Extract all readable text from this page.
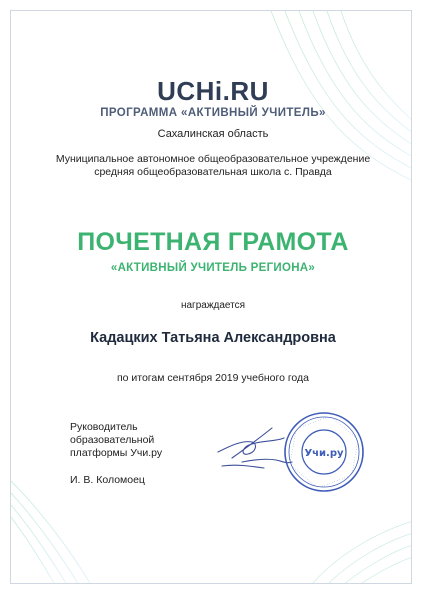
UCHi.RU
ПРОГРАММА «АКТИВНЫЙ УЧИТЕЛЬ»
Сахалинская область
Муниципальное автономное общеобразовательное учреждение
средняя общеобразовательная школа с. Правда
ПОЧЕТНАЯ ГРАМОТА
«АКТИВНЫЙ УЧИТЕЛЬ РЕГИОНА»
награждается
Кадацких Татьяна Александровна
по итогам сентября 2019 учебного года
Руководитель
образовательной
платформы Учи.ру
И. В. Коломоец
· · · · · · · · · · · · · · · · · · · · · ·
· · · · · · · · · · ·
· · · · · · · · · · ·
· · · · · · · · · · ·
· · · · · · · · · · · Учи.ру
